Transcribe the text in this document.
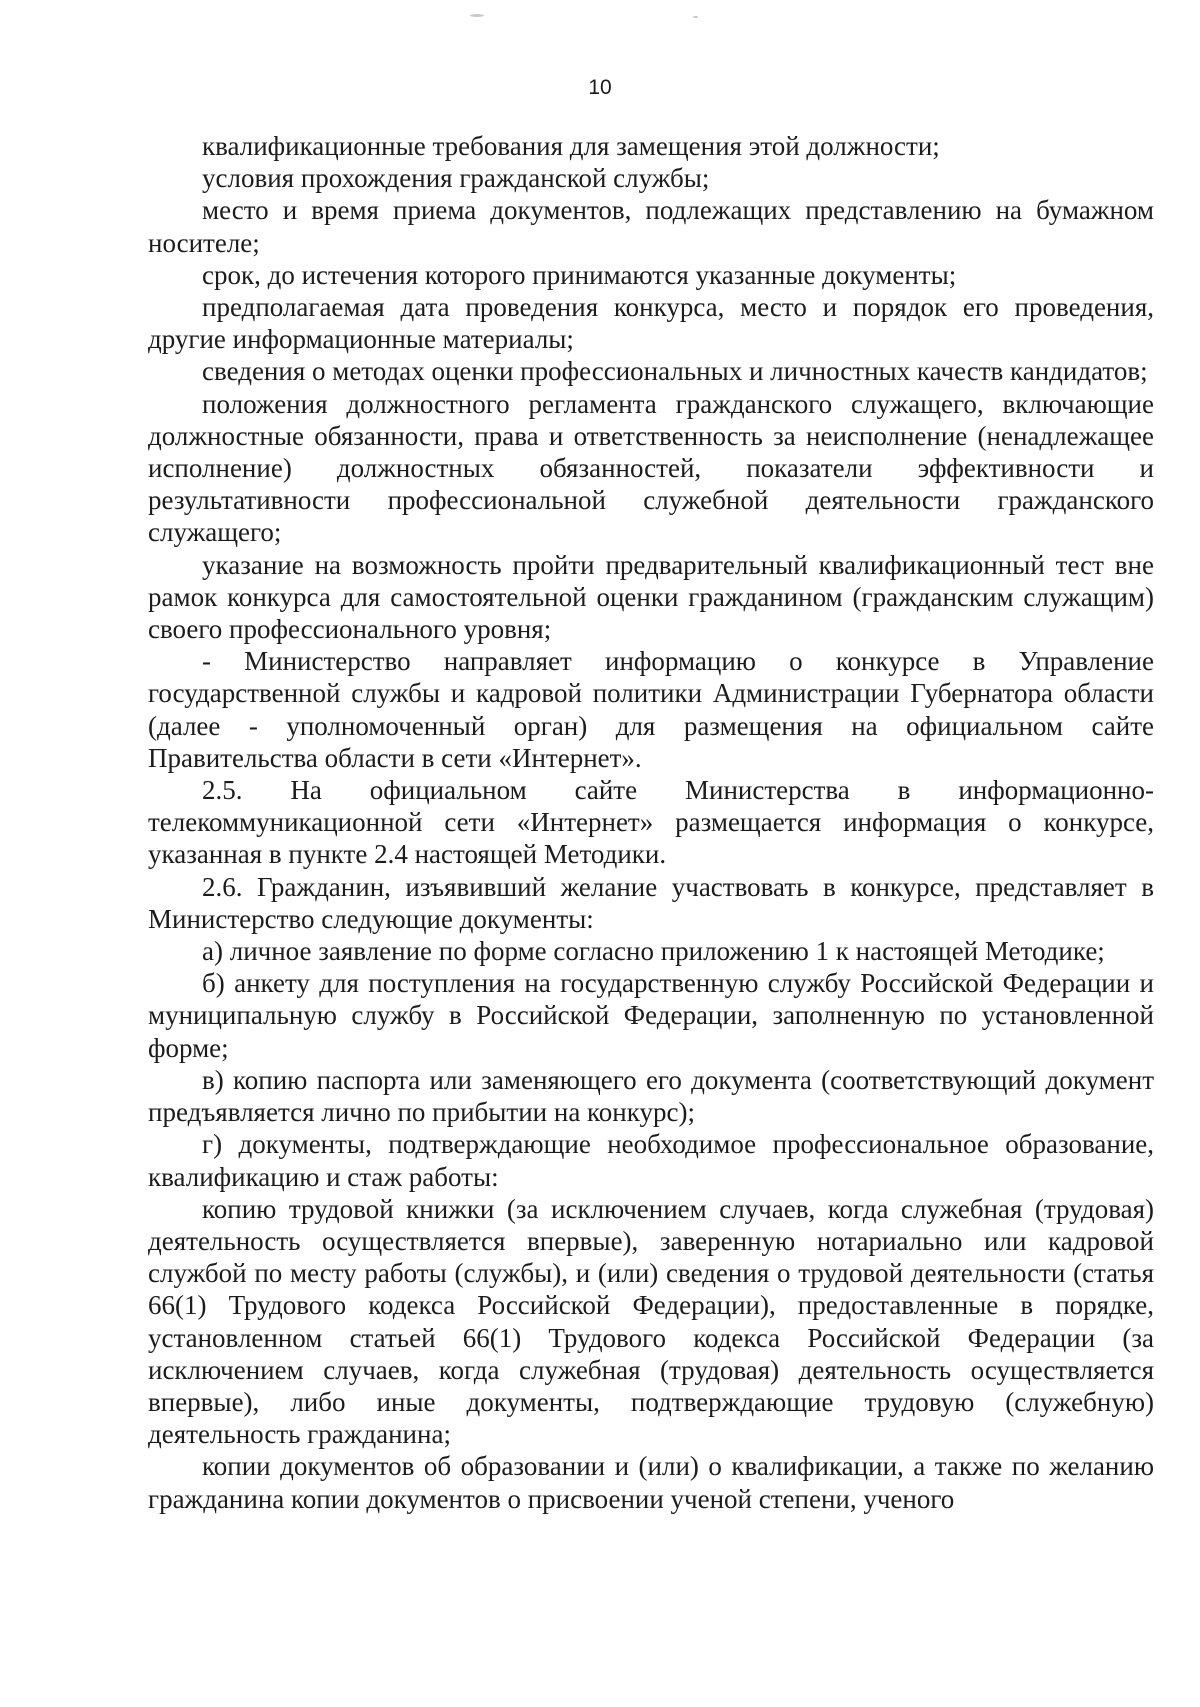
10

квалификационные требования для замещения этой должности;

условия прохождения гражданской службы;

место и время приема документов, подлежащих представлению на бумажном носителе;

срок, до истечения которого принимаются указанные документы;

предполагаемая дата проведения конкурса, место и порядок его проведения, другие информационные материалы;

сведения о методах оценки профессиональных и личностных качеств кандидатов;

положения должностного регламента гражданского служащего, включающие должностные обязанности, права и ответственность за неисполнение (ненадлежащее исполнение) должностных обязанностей, показатели эффективности и результативности профессиональной служебной деятельности гражданского служащего;

указание на возможность пройти предварительный квалификационный тест вне рамок конкурса для самостоятельной оценки гражданином (гражданским служащим) своего профессионального уровня;

- Министерство направляет информацию о конкурсе в Управление государственной службы и кадровой политики Администрации Губернатора области (далее - уполномоченный орган) для размещения на официальном сайте Правительства области в сети «Интернет».

2.5. На официальном сайте Министерства в информационно-телекоммуникационной сети «Интернет» размещается информация о конкурсе, указанная в пункте 2.4 настоящей Методики.

2.6. Гражданин, изъявивший желание участвовать в конкурсе, представляет в Министерство следующие документы:

а) личное заявление по форме согласно приложению 1 к настоящей Методике;

б) анкету для поступления на государственную службу Российской Федерации и муниципальную службу в Российской Федерации, заполненную по установленной форме;

в) копию паспорта или заменяющего его документа (соответствующий документ предъявляется лично по прибытии на конкурс);

г) документы, подтверждающие необходимое профессиональное образование, квалификацию и стаж работы:

копию трудовой книжки (за исключением случаев, когда служебная (трудовая) деятельность осуществляется впервые), заверенную нотариально или кадровой службой по месту работы (службы), и (или) сведения о трудовой деятельности (статья 66(1) Трудового кодекса Российской Федерации), предоставленные в порядке, установленном статьей 66(1) Трудового кодекса Российской Федерации (за исключением случаев, когда служебная (трудовая) деятельность осуществляется впервые), либо иные документы, подтверждающие трудовую (служебную) деятельность гражданина;

копии документов об образовании и (или) о квалификации, а также по желанию гражданина копии документов о присвоении ученой степени, ученого
